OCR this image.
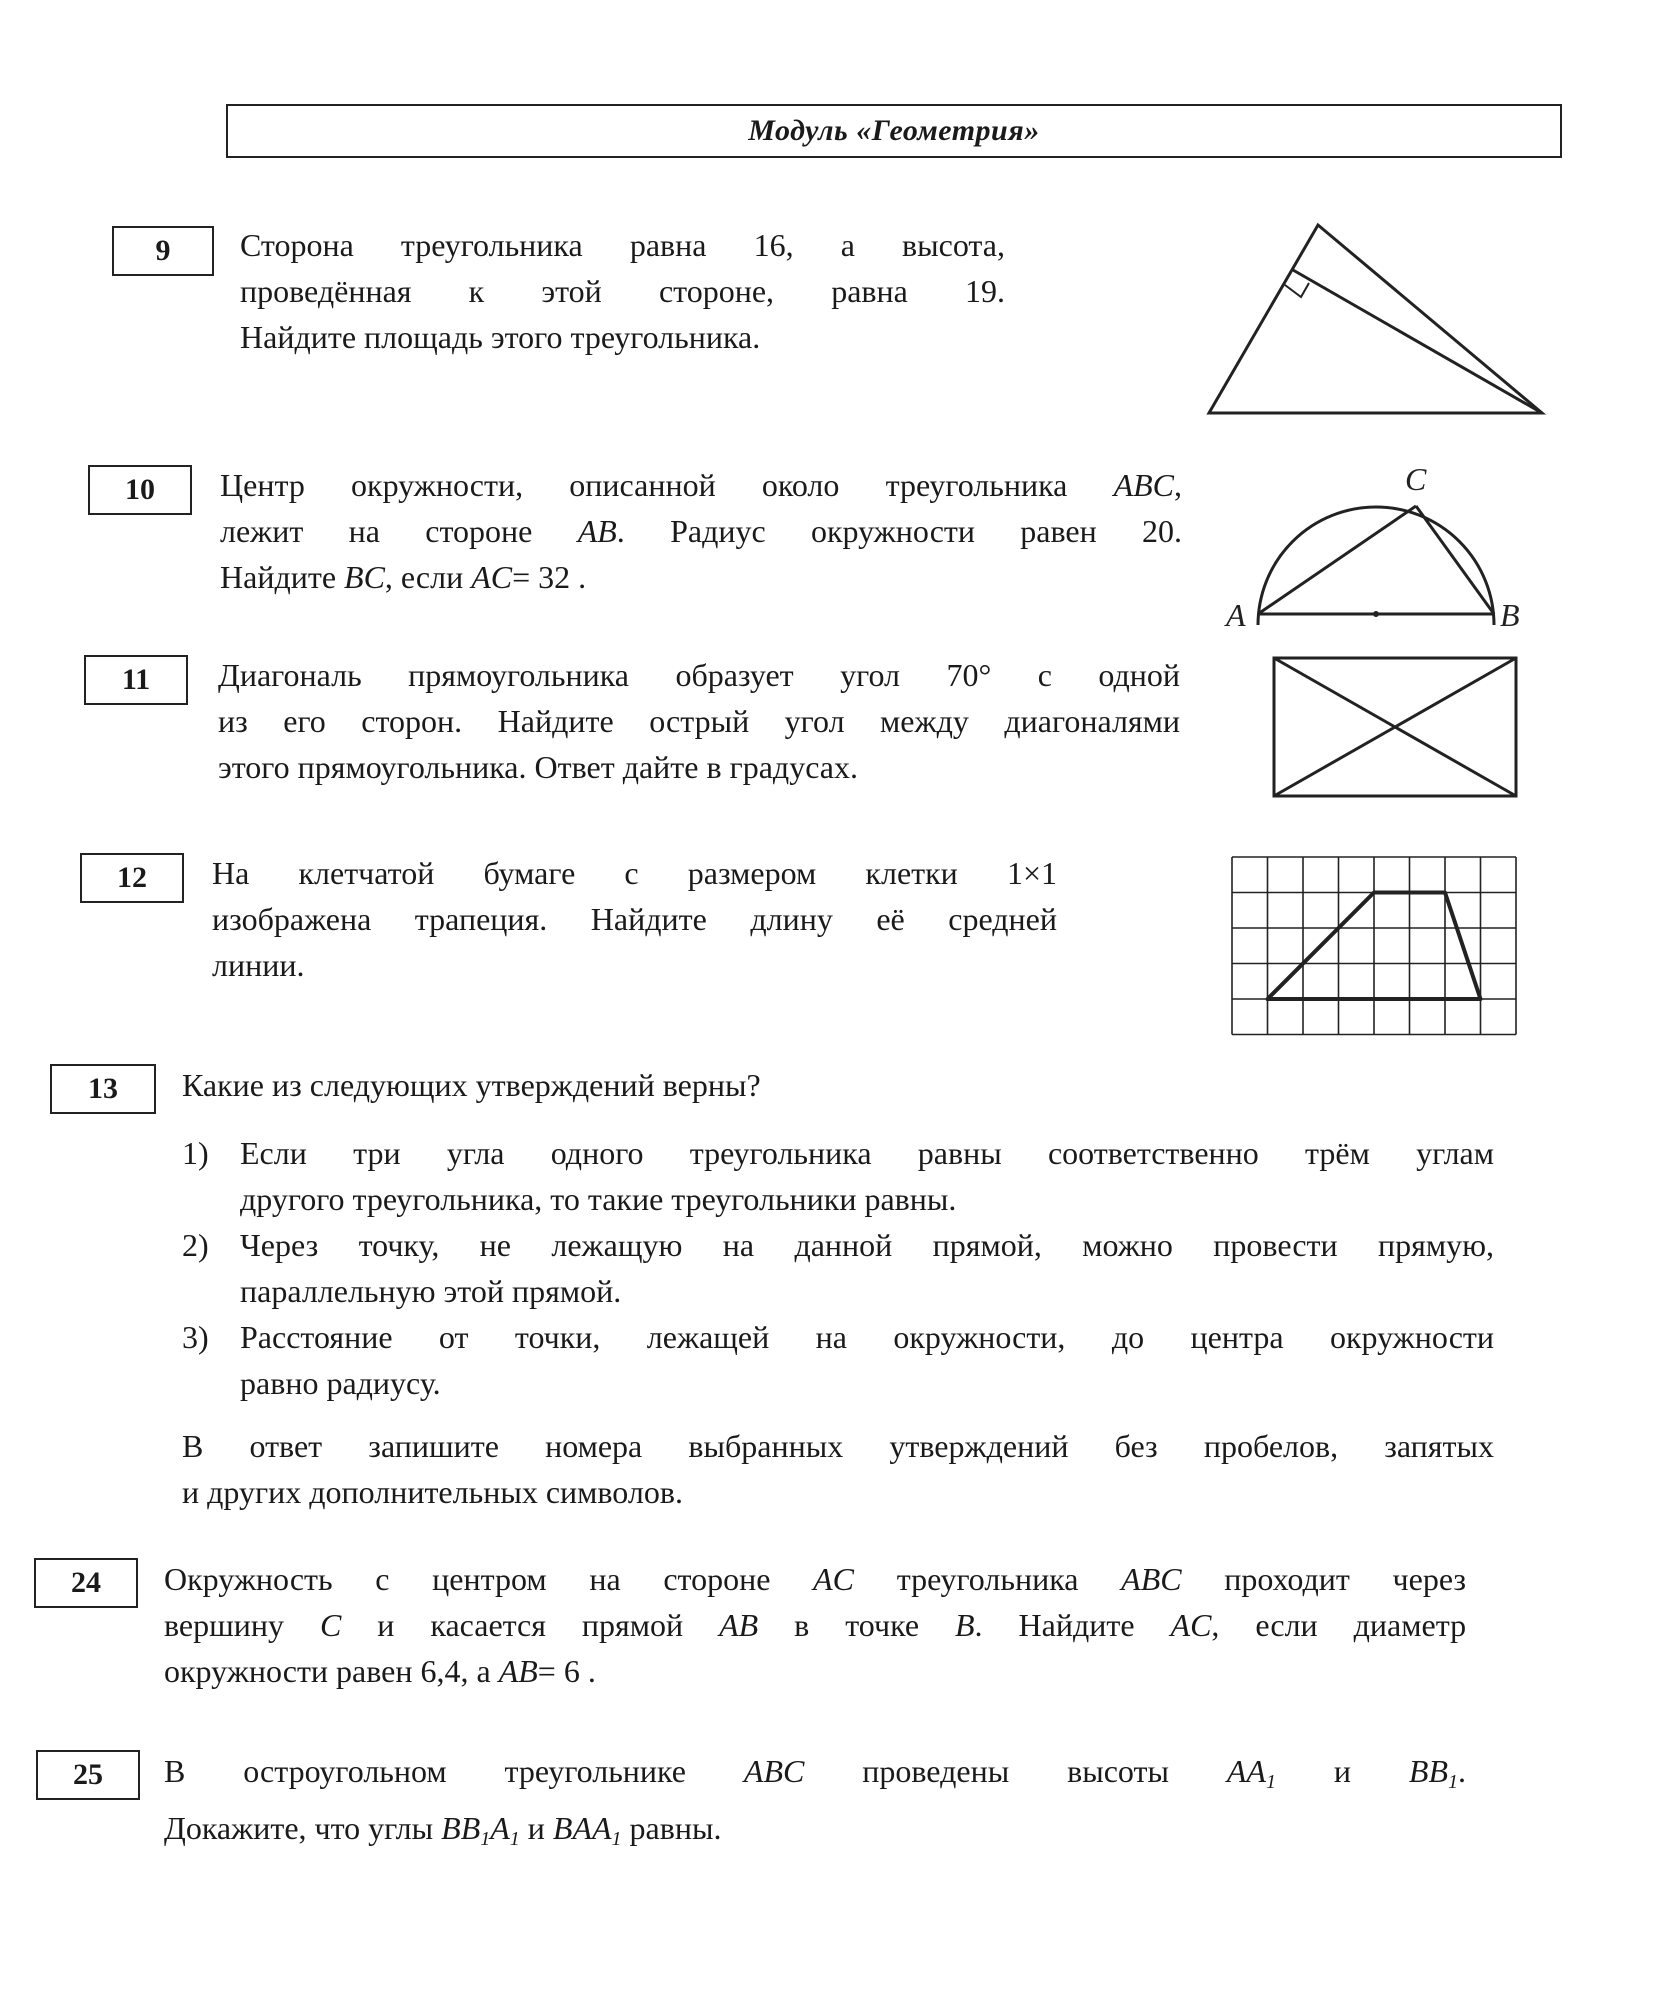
Модуль «Геометрия»
9 Сторона треугольника равна 16, а высота,
проведённая к этой стороне, равна 19.
Найдите площадь этого треугольника.
10 Центр окружности, описанной около треугольника ABC,
лежит на стороне AB. Радиус окружности равен 20.
Найдите BC, если AC= 32 .
A	B
C
11 Диагональ прямоугольника образует угол 70° с одной
из его сторон. Найдите острый угол между диагоналями
этого прямоугольника. Ответ дайте в градусах.
12 На клетчатой бумаге с размером клетки 1×1
изображена трапеция. Найдите длину её средней
линии.
13 Какие из следующих утверждений верны?
1) Если три угла одного треугольника равны соответственно трём углам
другого треугольника, то такие треугольники равны.
2) Через точку, не лежащую на данной прямой, можно провести прямую,
параллельную этой прямой.
3) Расстояние от точки, лежащей на окружности, до центра окружности
равно радиусу.
В ответ запишите номера выбранных утверждений без пробелов, запятых
и других дополнительных символов.
24 Окружность с центром на стороне AC треугольника ABC проходит через
вершину C и касается прямой AB в точке B. Найдите AC, если диаметр
окружности равен 6,4, а AB= 6 .
25 В остроугольном треугольнике ABC проведены высоты $AA_1$ и $BB_1$.
Докажите, что углы $BB_1A_1$ и $BAA_1$ равны.
